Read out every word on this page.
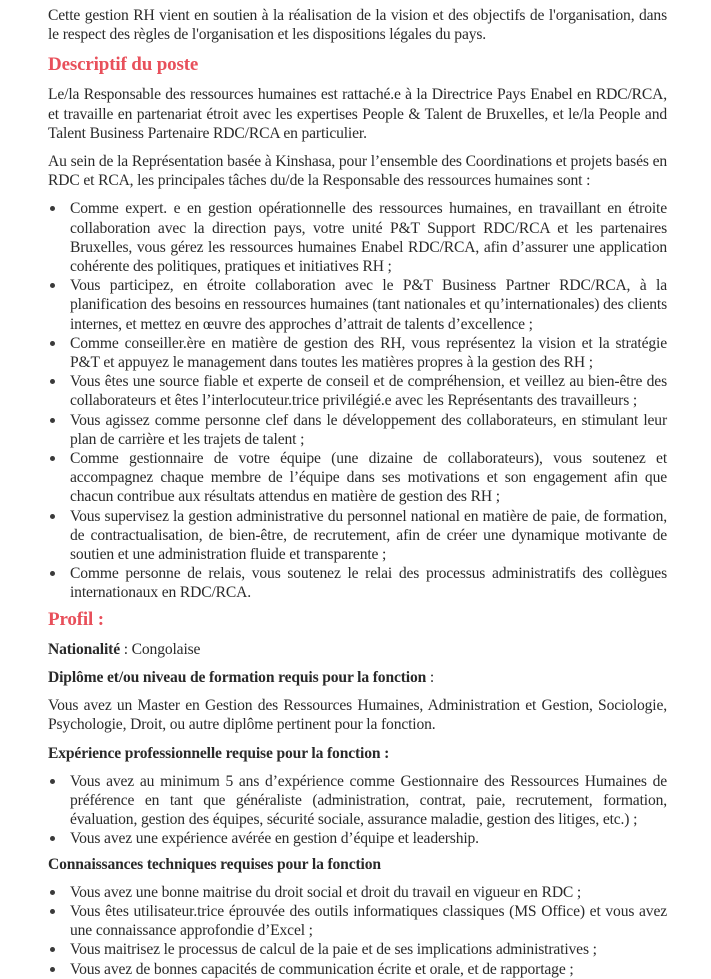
Cette gestion RH vient en soutien à la réalisation de la vision et des objectifs de l'organisation, dans le respect des règles de l'organisation et les dispositions légales du pays.

Descriptif du poste

Le/la Responsable des ressources humaines est rattaché.e à la Directrice Pays Enabel en RDC/RCA, et travaille en partenariat étroit avec les expertises People & Talent de Bruxelles, et le/la People and Talent Business Partenaire RDC/RCA en particulier.

Au sein de la Représentation basée à Kinshasa, pour l’ensemble des Coordinations et projets basés en RDC et RCA, les principales tâches du/de la Responsable des ressources humaines sont :

Comme expert. e en gestion opérationnelle des ressources humaines, en travaillant en étroite collaboration avec la direction pays, votre unité P&T Support RDC/RCA et les partenaires Bruxelles, vous gérez les ressources humaines Enabel RDC/RCA, afin d’assurer une application cohérente des politiques, pratiques et initiatives RH ;
Vous participez, en étroite collaboration avec le P&T Business Partner RDC/RCA, à la planification des besoins en ressources humaines (tant nationales et qu’internationales) des clients internes, et mettez en œuvre des approches d’attrait de talents d’excellence ;
Comme conseiller.ère en matière de gestion des RH, vous représentez la vision et la stratégie P&T et appuyez le management dans toutes les matières propres à la gestion des RH ;
Vous êtes une source fiable et experte de conseil et de compréhension, et veillez au bien-être des collaborateurs et êtes l’interlocuteur.trice privilégié.e avec les Représentants des travailleurs ;
Vous agissez comme personne clef dans le développement des collaborateurs, en stimulant leur plan de carrière et les trajets de talent ;
Comme gestionnaire de votre équipe (une dizaine de collaborateurs), vous soutenez et accompagnez chaque membre de l’équipe dans ses motivations et son engagement afin que chacun contribue aux résultats attendus en matière de gestion des RH ;
Vous supervisez la gestion administrative du personnel national en matière de paie, de formation, de contractualisation, de bien-être, de recrutement, afin de créer une dynamique motivante de soutien et une administration fluide et transparente ;
Comme personne de relais, vous soutenez le relai des processus administratifs des collègues internationaux en RDC/RCA.
Profil :

Nationalité : Congolaise

Diplôme et/ou niveau de formation requis pour la fonction :

Vous avez un Master en Gestion des Ressources Humaines, Administration et Gestion, Sociologie, Psychologie, Droit, ou autre diplôme pertinent pour la fonction.

Expérience professionnelle requise pour la fonction :

Vous avez au minimum 5 ans d’expérience comme Gestionnaire des Ressources Humaines de préférence en tant que généraliste (administration, contrat, paie, recrutement, formation, évaluation, gestion des équipes, sécurité sociale, assurance maladie, gestion des litiges, etc.) ;
Vous avez une expérience avérée en gestion d’équipe et leadership.

Connaissances techniques requises pour la fonction

Vous avez une bonne maitrise du droit social et droit du travail en vigueur en RDC ;
Vous êtes utilisateur.trice éprouvée des outils informatiques classiques (MS Office) et vous avez une connaissance approfondie d’Excel ;
Vous maitrisez le processus de calcul de la paie et de ses implications administratives ;
Vous avez de bonnes capacités de communication écrite et orale, et de rapportage ;
